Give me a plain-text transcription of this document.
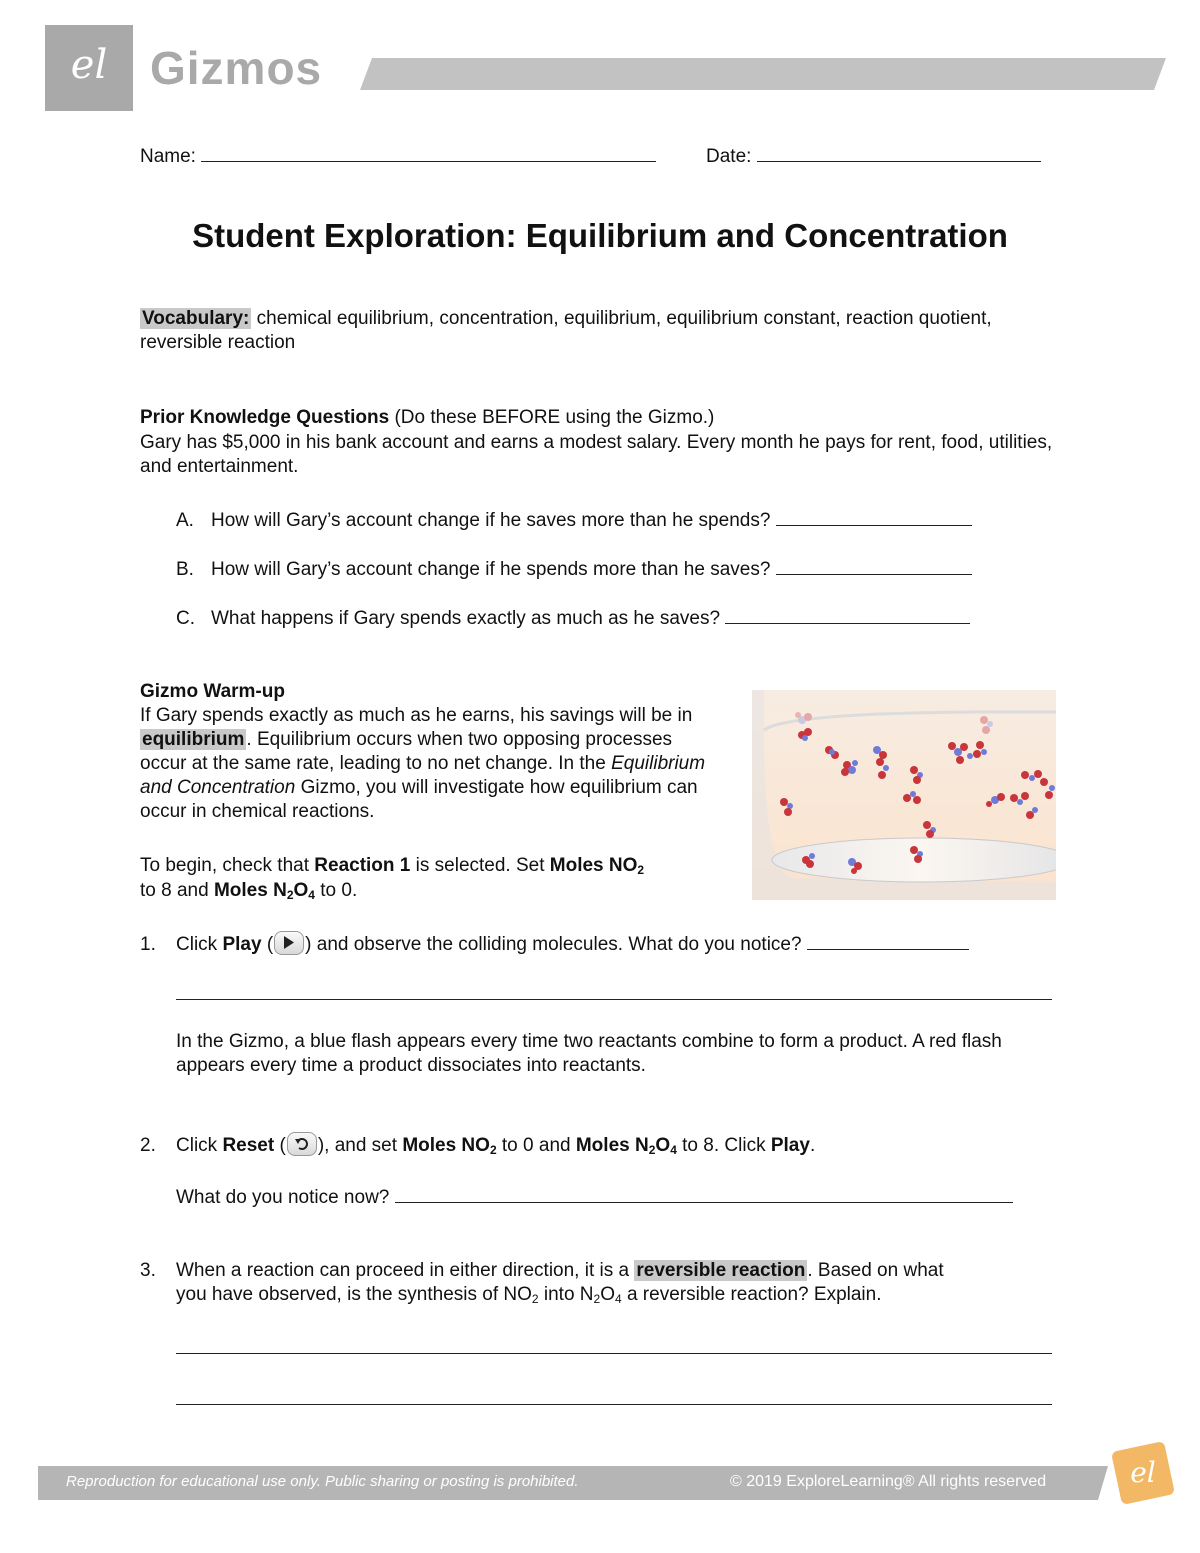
el Gizmos
Name:	Date:
Student Exploration: Equilibrium and Concentration
Vocabulary: chemical equilibrium, concentration, equilibrium, equilibrium constant, reaction quotient, reversible reaction
Prior Knowledge Questions (Do these BEFORE using the Gizmo.)
Gary has $5,000 in his bank account and earns a modest salary. Every month he pays for rent, food, utilities, and entertainment.
A. How will Gary’s account change if he saves more than he spends?
B. How will Gary’s account change if he spends more than he saves?
C. What happens if Gary spends exactly as much as he saves?
Gizmo Warm-up
If Gary spends exactly as much as he earns, his savings will be in equilibrium . Equilibrium occurs when two opposing processes occur at the same rate, leading to no net change. In the Equilibrium and Concentration Gizmo, you will investigate how equilibrium can occur in chemical reactions.
To begin, check that Reaction 1 is selected. Set Moles $NO_2$
to 8 and Moles $N_2O_4$ to 0.
1. Click Play ( ) and observe the colliding molecules. What do you notice?
In the Gizmo, a blue flash appears every time two reactants combine to form a product. A red flash appears every time a product dissociates into reactants.
2. Click Reset ( ), and set Moles $NO_2$ to 0 and Moles $N_2O_4$ to 8. Click Play.
What do you notice now?
3. When a reaction can proceed in either direction, it is a reversible reaction . Based on what
you have observed, is the synthesis of $NO_2$ into $N_2O_4$ a reversible reaction? Explain.
Reproduction for educational use only. Public sharing or posting is prohibited.	© 2019 ExploreLearning® All rights reserved	el
